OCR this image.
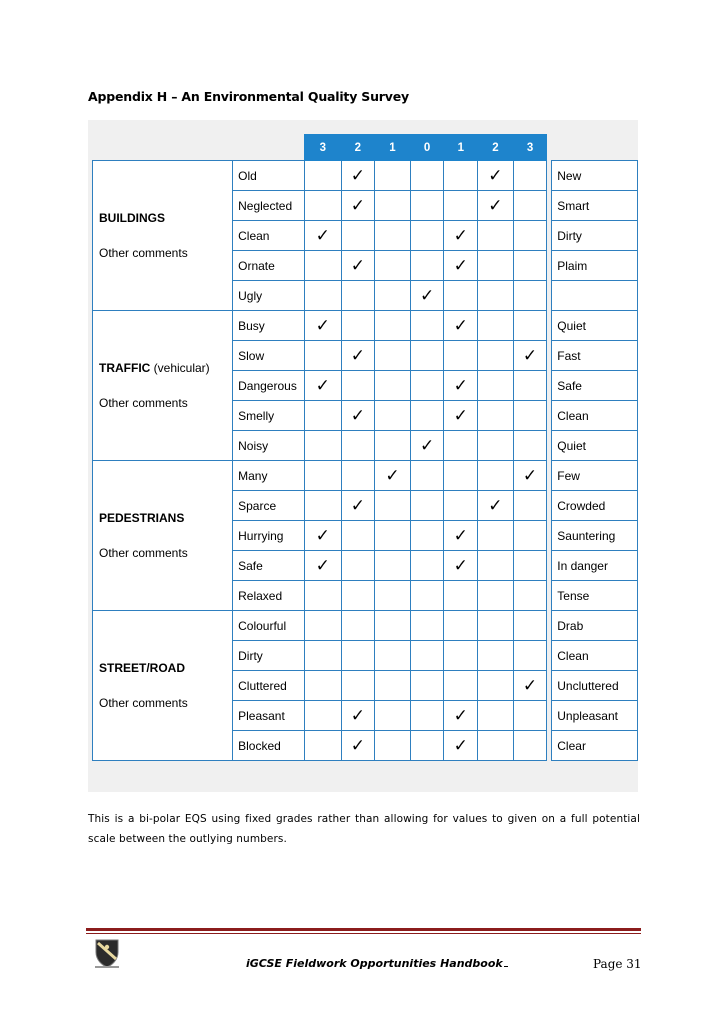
Appendix H – An Environmental Quality Survey
		3	2	1	0	1	2	3		

BUILDINGS
Other comments	Old		✓				✓			New
	Neglected		✓				✓			Smart
	Clean	✓				✓				Dirty
	Ornate		✓			✓				Plaim
	Ugly				✓					

TRAFFIC (vehicular)
Other comments	Busy	✓				✓				Quiet
	Slow		✓					✓		Fast
	Dangerous	✓				✓				Safe
	Smelly		✓			✓				Clean
	Noisy				✓					Quiet

PEDESTRIANS
Other comments	Many			✓				✓		Few
	Sparce		✓				✓			Crowded
	Hurrying	✓				✓				Sauntering
	Safe	✓				✓				In danger
	Relaxed									Tense

STREET/ROAD
Other comments	Colourful									Drab
	Dirty									Clean
	Cluttered							✓		Uncluttered
	Pleasant		✓			✓				Unpleasant
	Blocked		✓			✓				Clear
This is a bi-polar EQS using fixed grades rather than allowing for values to given on a full potential scale between the outlying numbers.
iGCSE Fieldwork Opportunities Handbook	Page 31
